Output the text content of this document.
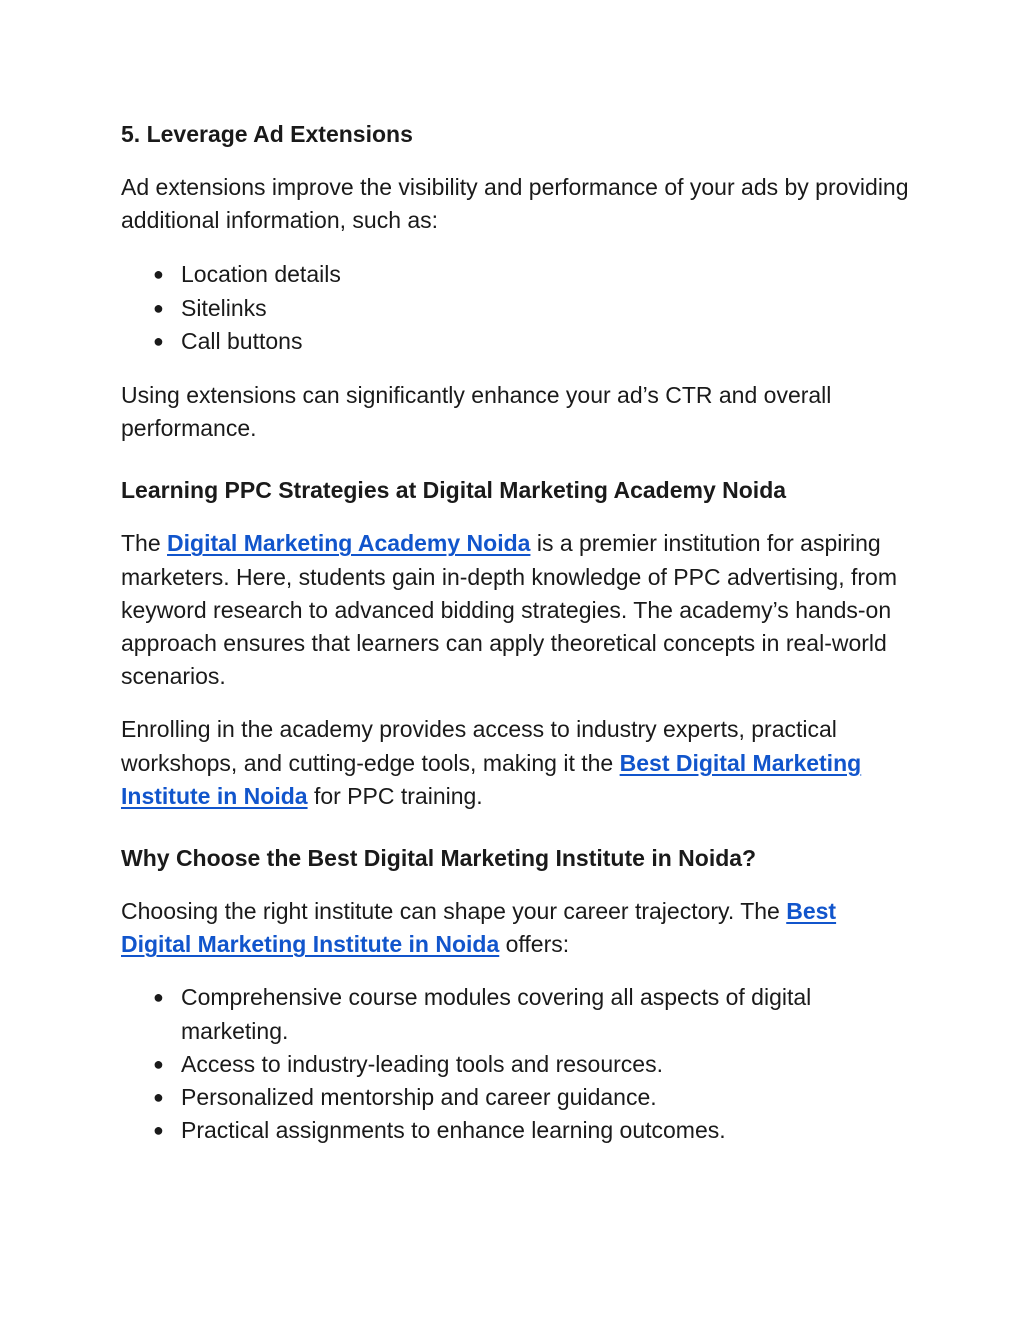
5. Leverage Ad Extensions

Ad extensions improve the visibility and performance of your ads by providing additional information, such as:

● Location details
● Sitelinks
● Call buttons

Using extensions can significantly enhance your ad’s CTR and overall performance.

Learning PPC Strategies at Digital Marketing Academy Noida

The Digital Marketing Academy Noida is a premier institution for aspiring marketers. Here, students gain in-depth knowledge of PPC advertising, from keyword research to advanced bidding strategies. The academy’s hands-on approach ensures that learners can apply theoretical concepts in real-world scenarios.

Enrolling in the academy provides access to industry experts, practical workshops, and cutting-edge tools, making it the Best Digital Marketing Institute in Noida for PPC training.

Why Choose the Best Digital Marketing Institute in Noida?

Choosing the right institute can shape your career trajectory. The Best Digital Marketing Institute in Noida offers:

● Comprehensive course modules covering all aspects of digital marketing.
● Access to industry-leading tools and resources.
● Personalized mentorship and career guidance.
● Practical assignments to enhance learning outcomes.
